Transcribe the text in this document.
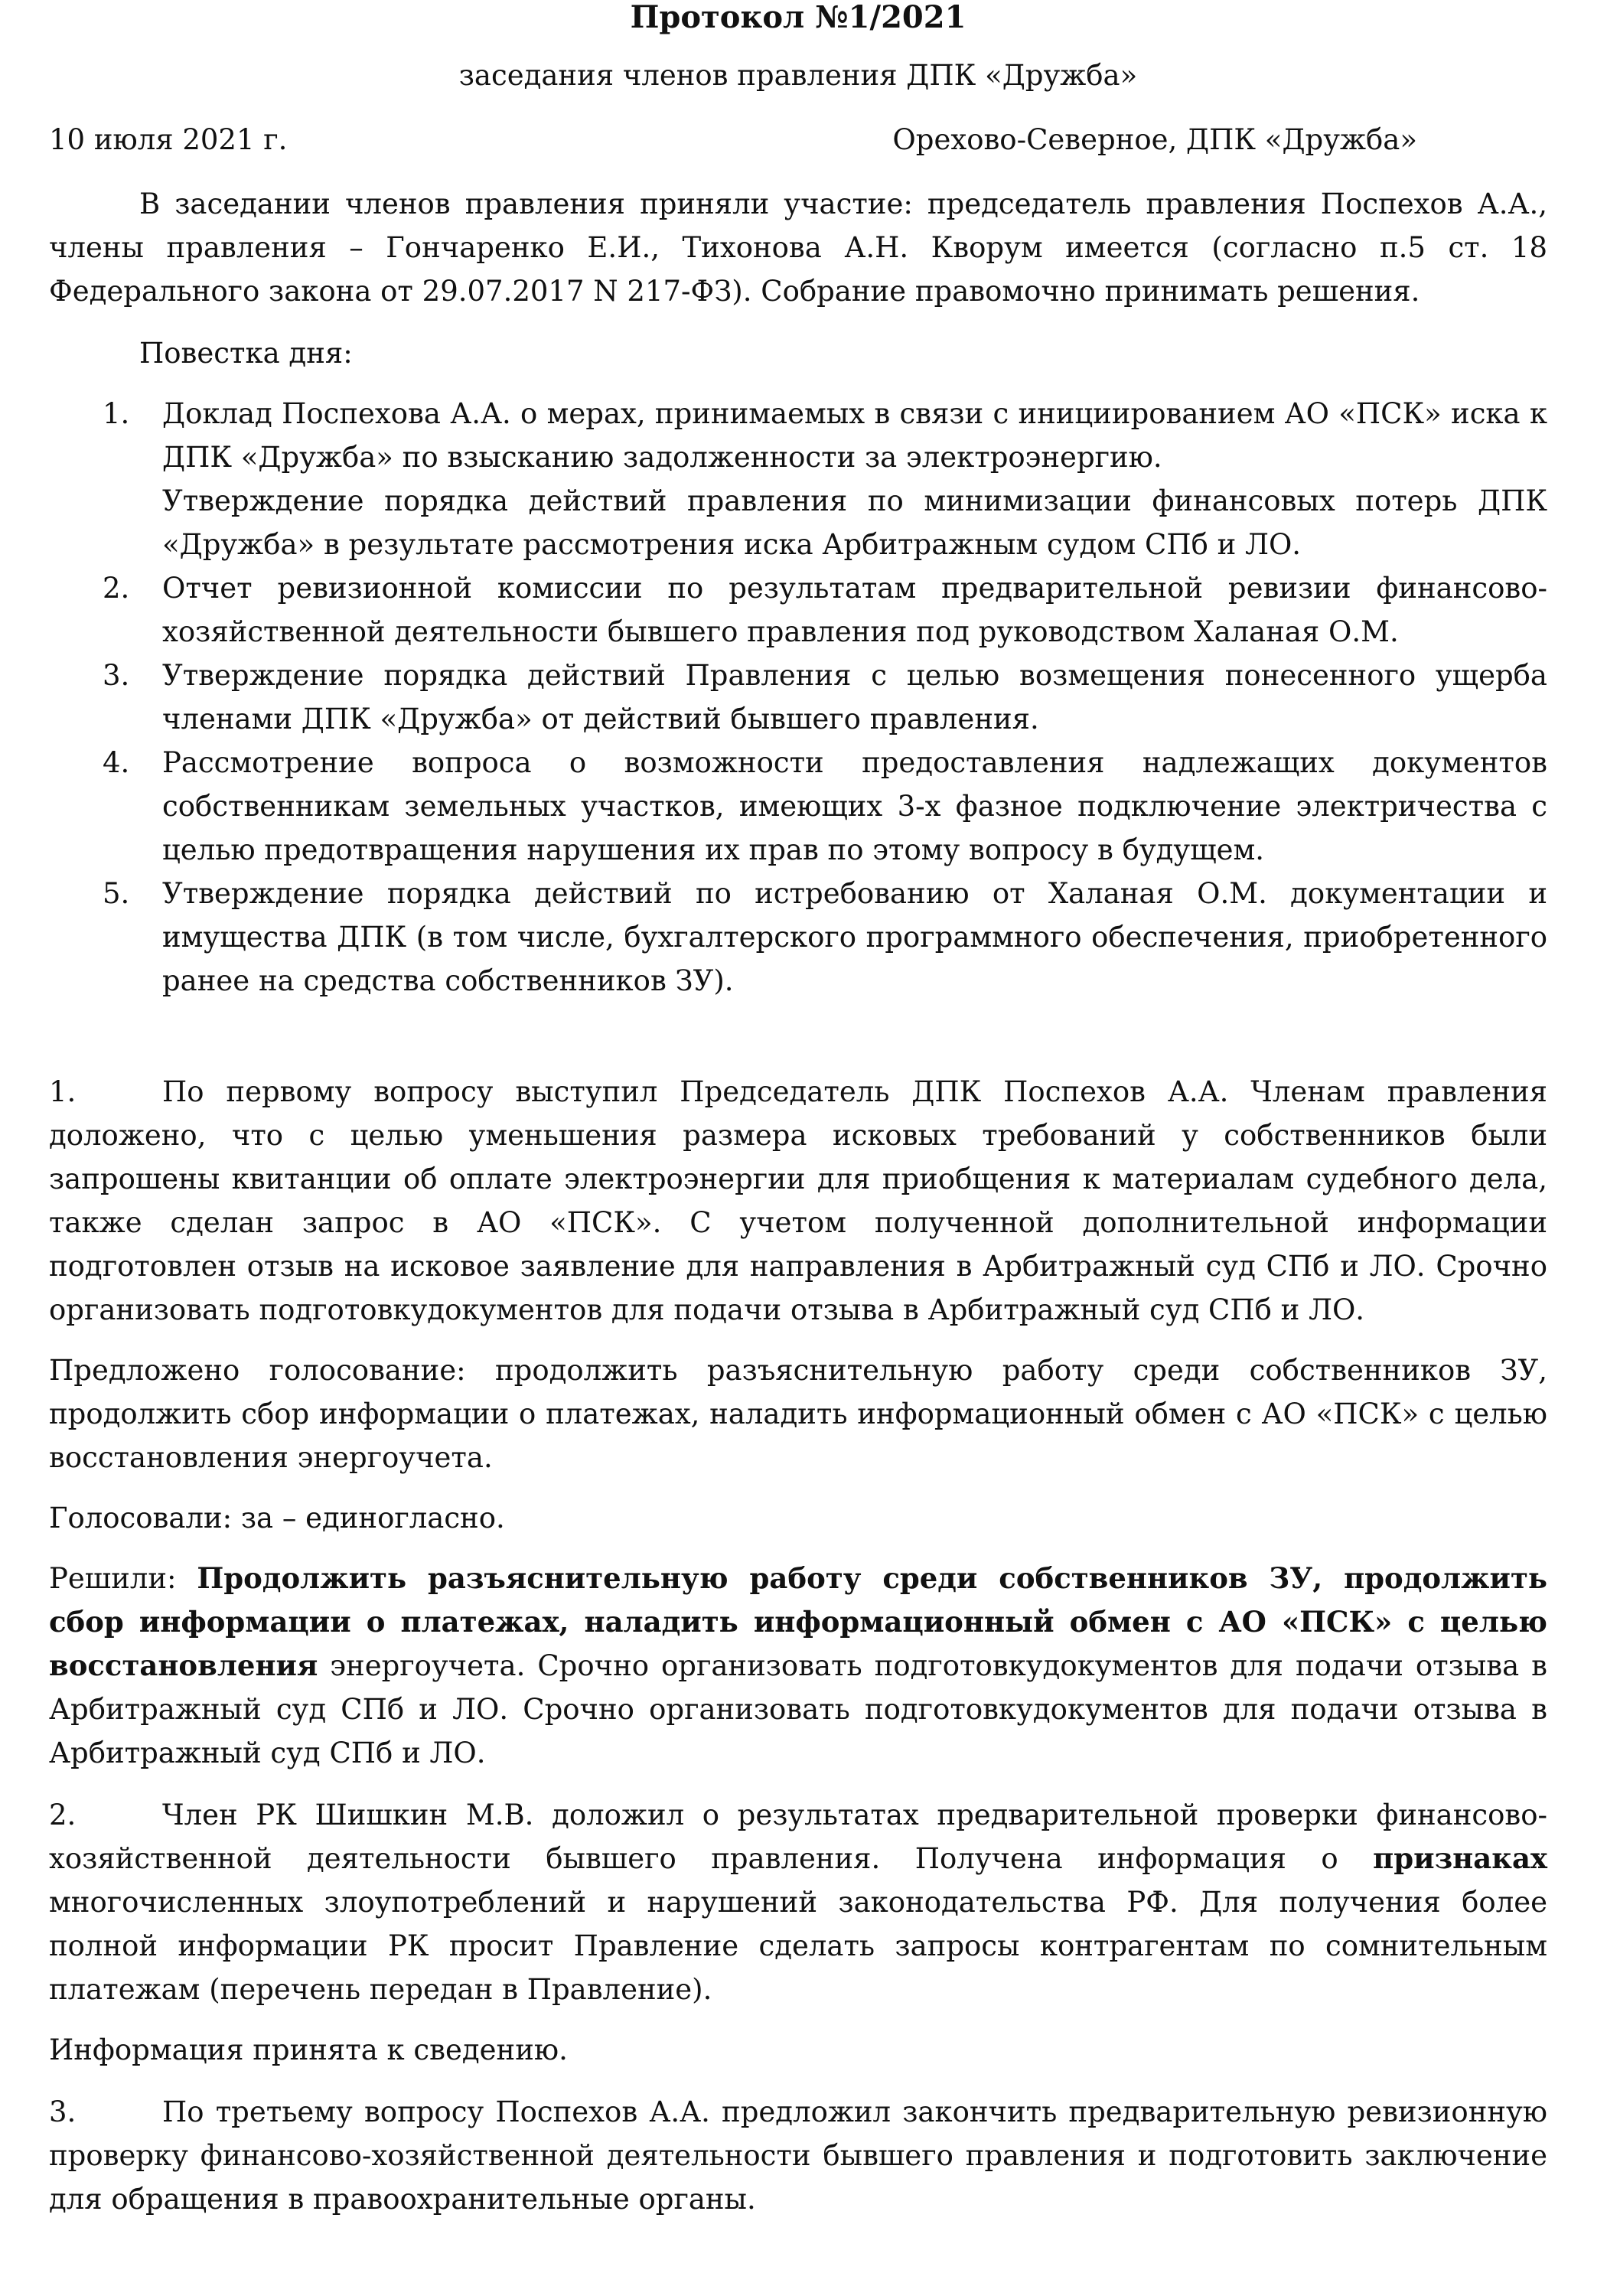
Протокол №1/2021

заседания членов правления ДПК «Дружба»

10 июля 2021 г.	Орехово-Северное, ДПК «Дружба»

В заседании членов правления приняли участие: председатель правления Поспехов А.А., члены правления – Гончаренко Е.И., Тихонова А.Н. Кворум имеется (согласно п.5 ст. 18 Федерального закона от 29.07.2017 N 217-ФЗ). Собрание правомочно принимать решения.

Повестка дня:

1. Доклад Поспехова А.А. о мерах, принимаемых в связи с инициированием АО «ПСК» иска к ДПК «Дружба» по взысканию задолженности за электроэнергию.
Утверждение порядка действий правления по минимизации финансовых потерь ДПК «Дружба» в результате рассмотрения иска Арбитражным судом СПб и ЛО.
2. Отчет ревизионной комиссии по результатам предварительной ревизии финансово-хозяйственной деятельности бывшего правления под руководством Халаная О.М.
3. Утверждение порядка действий Правления с целью возмещения понесенного ущерба членами ДПК «Дружба» от действий бывшего правления.
4. Рассмотрение вопроса о возможности предоставления надлежащих документов собственникам земельных участков, имеющих 3-х фазное подключение электричества с целью предотвращения нарушения их прав по этому вопросу в будущем.
5. Утверждение порядка действий по истребованию от Халаная О.М. документации и имущества ДПК (в том числе, бухгалтерского программного обеспечения, приобретенного ранее на средства собственников ЗУ).

1.	По первому вопросу выступил Председатель ДПК Поспехов А.А. Членам правления доложено, что с целью уменьшения размера исковых требований у собственников были запрошены квитанции об оплате электроэнергии для приобщения к материалам судебного дела, также сделан запрос в АО «ПСК». С учетом полученной дополнительной информации подготовлен отзыв на исковое заявление для направления в Арбитражный суд СПб и ЛО. Срочно организовать подготовкудокументов для подачи отзыва в Арбитражный суд СПб и ЛО.

Предложено голосование: продолжить разъяснительную работу среди собственников ЗУ, продолжить сбор информации о платежах, наладить информационный обмен с АО «ПСК» с целью восстановления энергоучета.

Голосовали: за – единогласно.

Решили: Продолжить разъяснительную работу среди собственников ЗУ, продолжить сбор информации о платежах, наладить информационный обмен с АО «ПСК» с целью восстановления энергоучета. Срочно организовать подготовкудокументов для подачи отзыва в Арбитражный суд СПб и ЛО. Срочно организовать подготовкудокументов для подачи отзыва в Арбитражный суд СПб и ЛО.

2.	Член РК Шишкин М.В. доложил о результатах предварительной проверки финансово-хозяйственной деятельности бывшего правления. Получена информация о признаках многочисленных злоупотреблений и нарушений законодательства РФ. Для получения более полной информации РК просит Правление сделать запросы контрагентам по сомнительным платежам (перечень передан в Правление).

Информация принята к сведению.

3.	По третьему вопросу Поспехов А.А. предложил закончить предварительную ревизионную проверку финансово-хозяйственной деятельности бывшего правления и подготовить заключение для обращения в правоохранительные органы.
